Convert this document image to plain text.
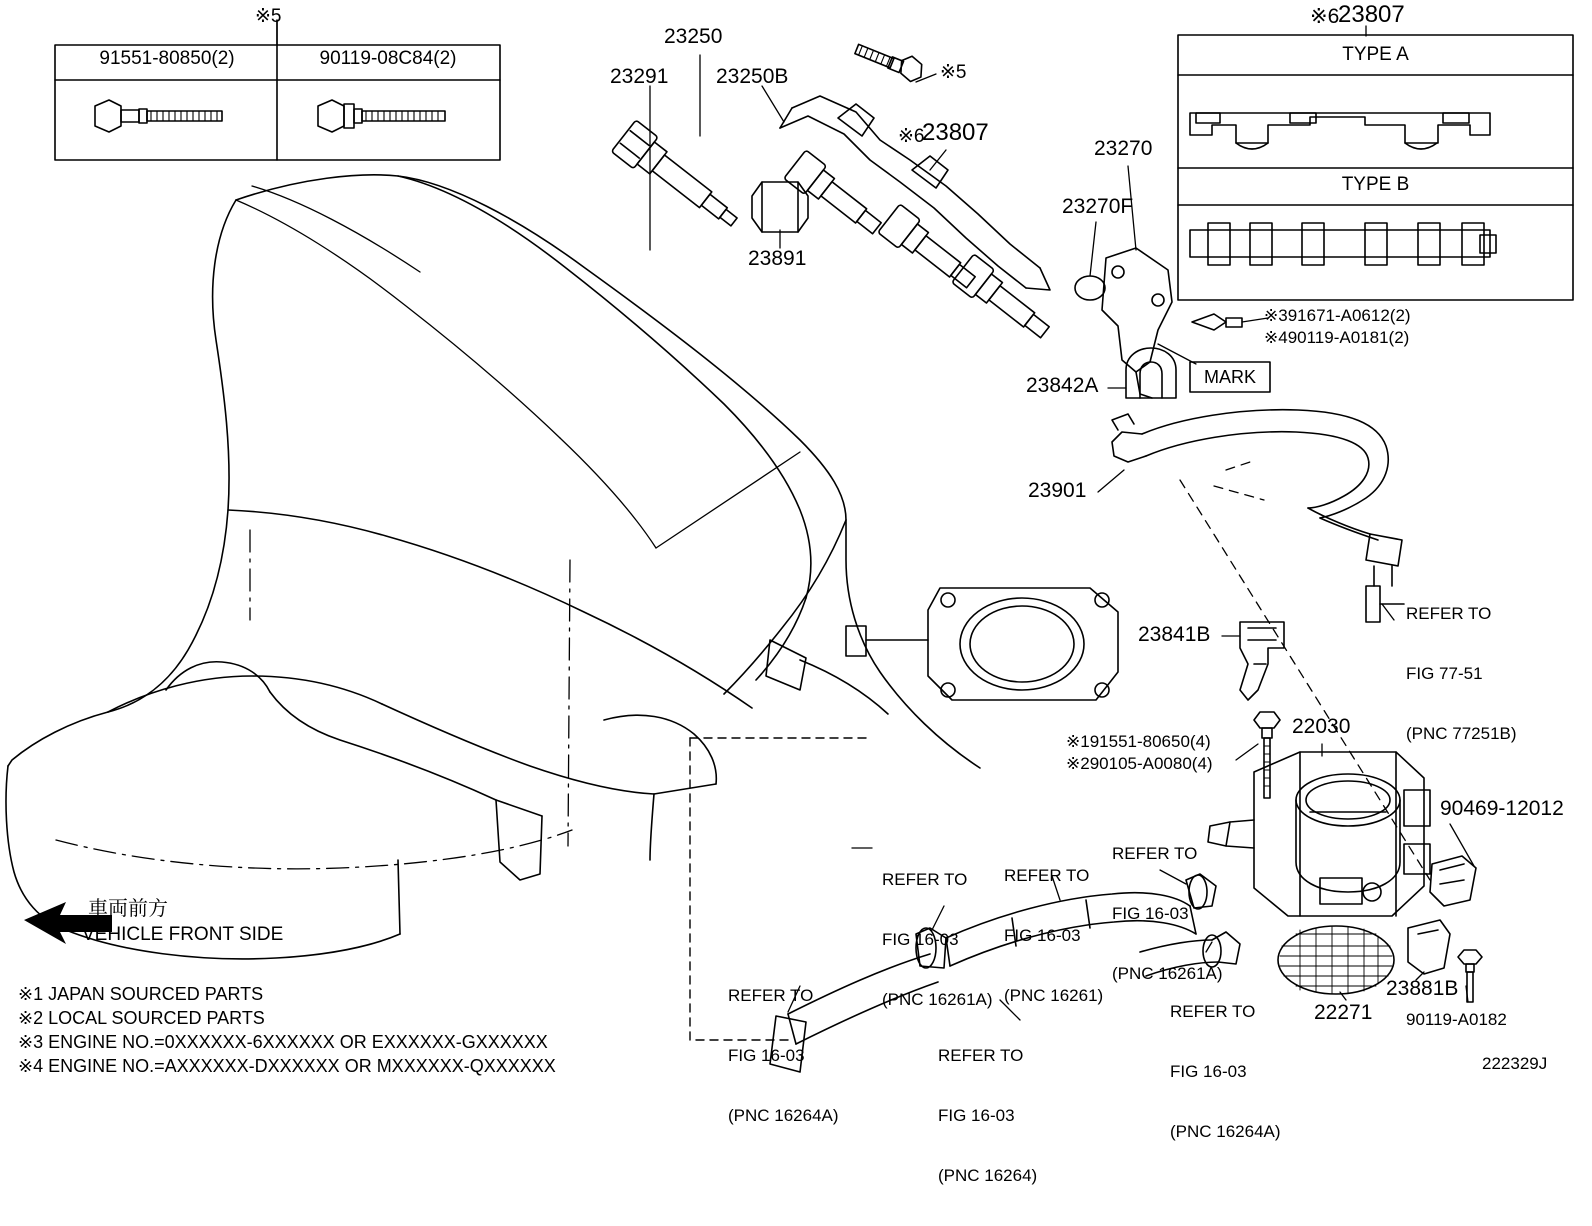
※5
91551-80850(2)	90119-08C84(2)
※6
23807
TYPE A
TYPE B
23250
23291 23250B
23891
※5
※6
23807
23270
23270F
23842A	MARK
23901
23841B
22030
90469-12012
22271
23881B
90119-A0182
※391671-A0612(2)
※490119-A0181(2)
※191551-80650(4)
※290105-A0080(4)

REFER TO

FIG 77-51

(PNC 77251B)

REFER TO

FIG 16-03

(PNC 16261A)

REFER TO

FIG 16-03

(PNC 16261)

REFER TO

FIG 16-03

(PNC 16261A)

REFER TO

FIG 16-03

(PNC 16264A)

REFER TO

FIG 16-03

(PNC 16264)

REFER TO

FIG 16-03

(PNC 16264A)

車両前方
VEHICLE FRONT SIDE
※1 JAPAN SOURCED PARTS
※2 LOCAL SOURCED PARTS
※3 ENGINE NO.=0XXXXXX-6XXXXXX OR EXXXXXX-GXXXXXX
※4 ENGINE NO.=AXXXXXX-DXXXXXX OR MXXXXXX-QXXXXXX	222329J
